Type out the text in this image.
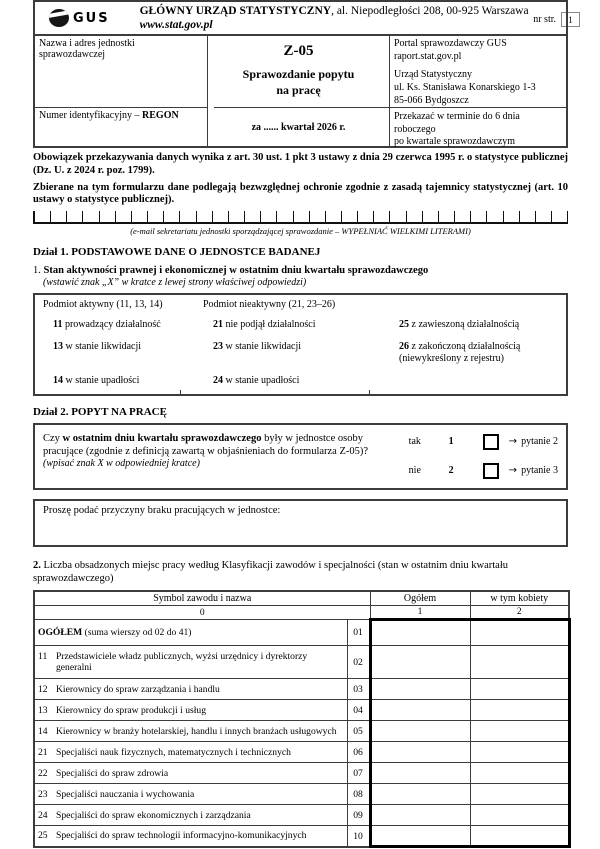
nr str. 1
GUS	GŁÓWNY URZĄD STATYSTYCZNY, al. Niepodległości 208, 00-925 Warszawa
www.stat.gov.pl
Nazwa i adres jednostki sprawozdawczej	Z-05
Sprawozdanie popytu
na pracę

Portal sprawozdawczy GUS

raport.stat.gov.pl

Urząd Statystyczny

ul. Ks. Stanisława Konarskiego 1-3

85-066 Bydgoszcz

Numer identyfikacyjny – REGON
za ...... kwartał 2026 r.
Przekazać w terminie do 6 dnia roboczego
po kwartale sprawozdawczym

Obowiązek przekazywania danych wynika z art. 30 ust. 1 pkt 3 ustawy z dnia 29 czerwca 1995 r. o statystyce publicznej (Dz. U. z 2024 r. poz. 1799).

Zbierane na tym formularzu dane podlegają bezwzględnej ochronie zgodnie z zasadą tajemnicy statystycznej (art. 10 ustawy o statystyce publicznej).

(e-mail sekretariatu jednostki sporządzającej sprawozdanie – WYPEŁNIAĆ WIELKIMI LITERAMI)
Dział 1. PODSTAWOWE DANE O JEDNOSTCE BADANEJ
1. Stan aktywności prawnej i ekonomicznej w ostatnim dniu kwartału sprawozdawczego
(wstawić znak „X” w kratce z lewej strony właściwej odpowiedzi)
Podmiot aktywny (11, 13, 14)	Podmiot nieaktywny (21, 23–26)
11 prowadzący działalność	21 nie podjął działalności	25 z zawieszoną działalnością
13 w stanie likwidacji	23 w stanie likwidacji	26 z zakończoną działalnością
(niewykreślony z rejestru)
14 w stanie upadłości	24 w stanie upadłości
Dział 2. POPYT NA PRACĘ
Czy w ostatnim dniu kwartału sprawozdawczego były w jednostce osoby pracujące (zgodnie z definicją zawartą w objaśnieniach do formularza Z-05)?
(wpisać znak X w odpowiedniej kratce)
tak	1	→ pytanie 2
nie	2	→ pytanie 3
Proszę podać przyczyny braku pracujących w jednostce:
2. Liczba obsadzonych miejsc pracy według Klasyfikacji zawodów i specjalności (stan w ostatnim dniu kwartału sprawozdawczego)
Symbol zawodu i nazwa		Ogółem	w tym kobiety
0		1	2
OGÓŁEM (suma wierszy od 02 do 41)	01		

11 Przedstawiciele władz publicznych, wyżsi urzędnicy i dyrektorzy generalni	02		

12 Kierownicy do spraw zarządzania i handlu	03		

13 Kierownicy do spraw produkcji i usług	04		

14 Kierownicy w branży hotelarskiej, handlu i innych branżach usługowych	05		

21 Specjaliści nauk fizycznych, matematycznych i technicznych	06		

22 Specjaliści do spraw zdrowia	07		

23 Specjaliści nauczania i wychowania	08		

24 Specjaliści do spraw ekonomicznych i zarządzania	09		

25 Specjaliści do spraw technologii informacyjno-komunikacyjnych	10		
